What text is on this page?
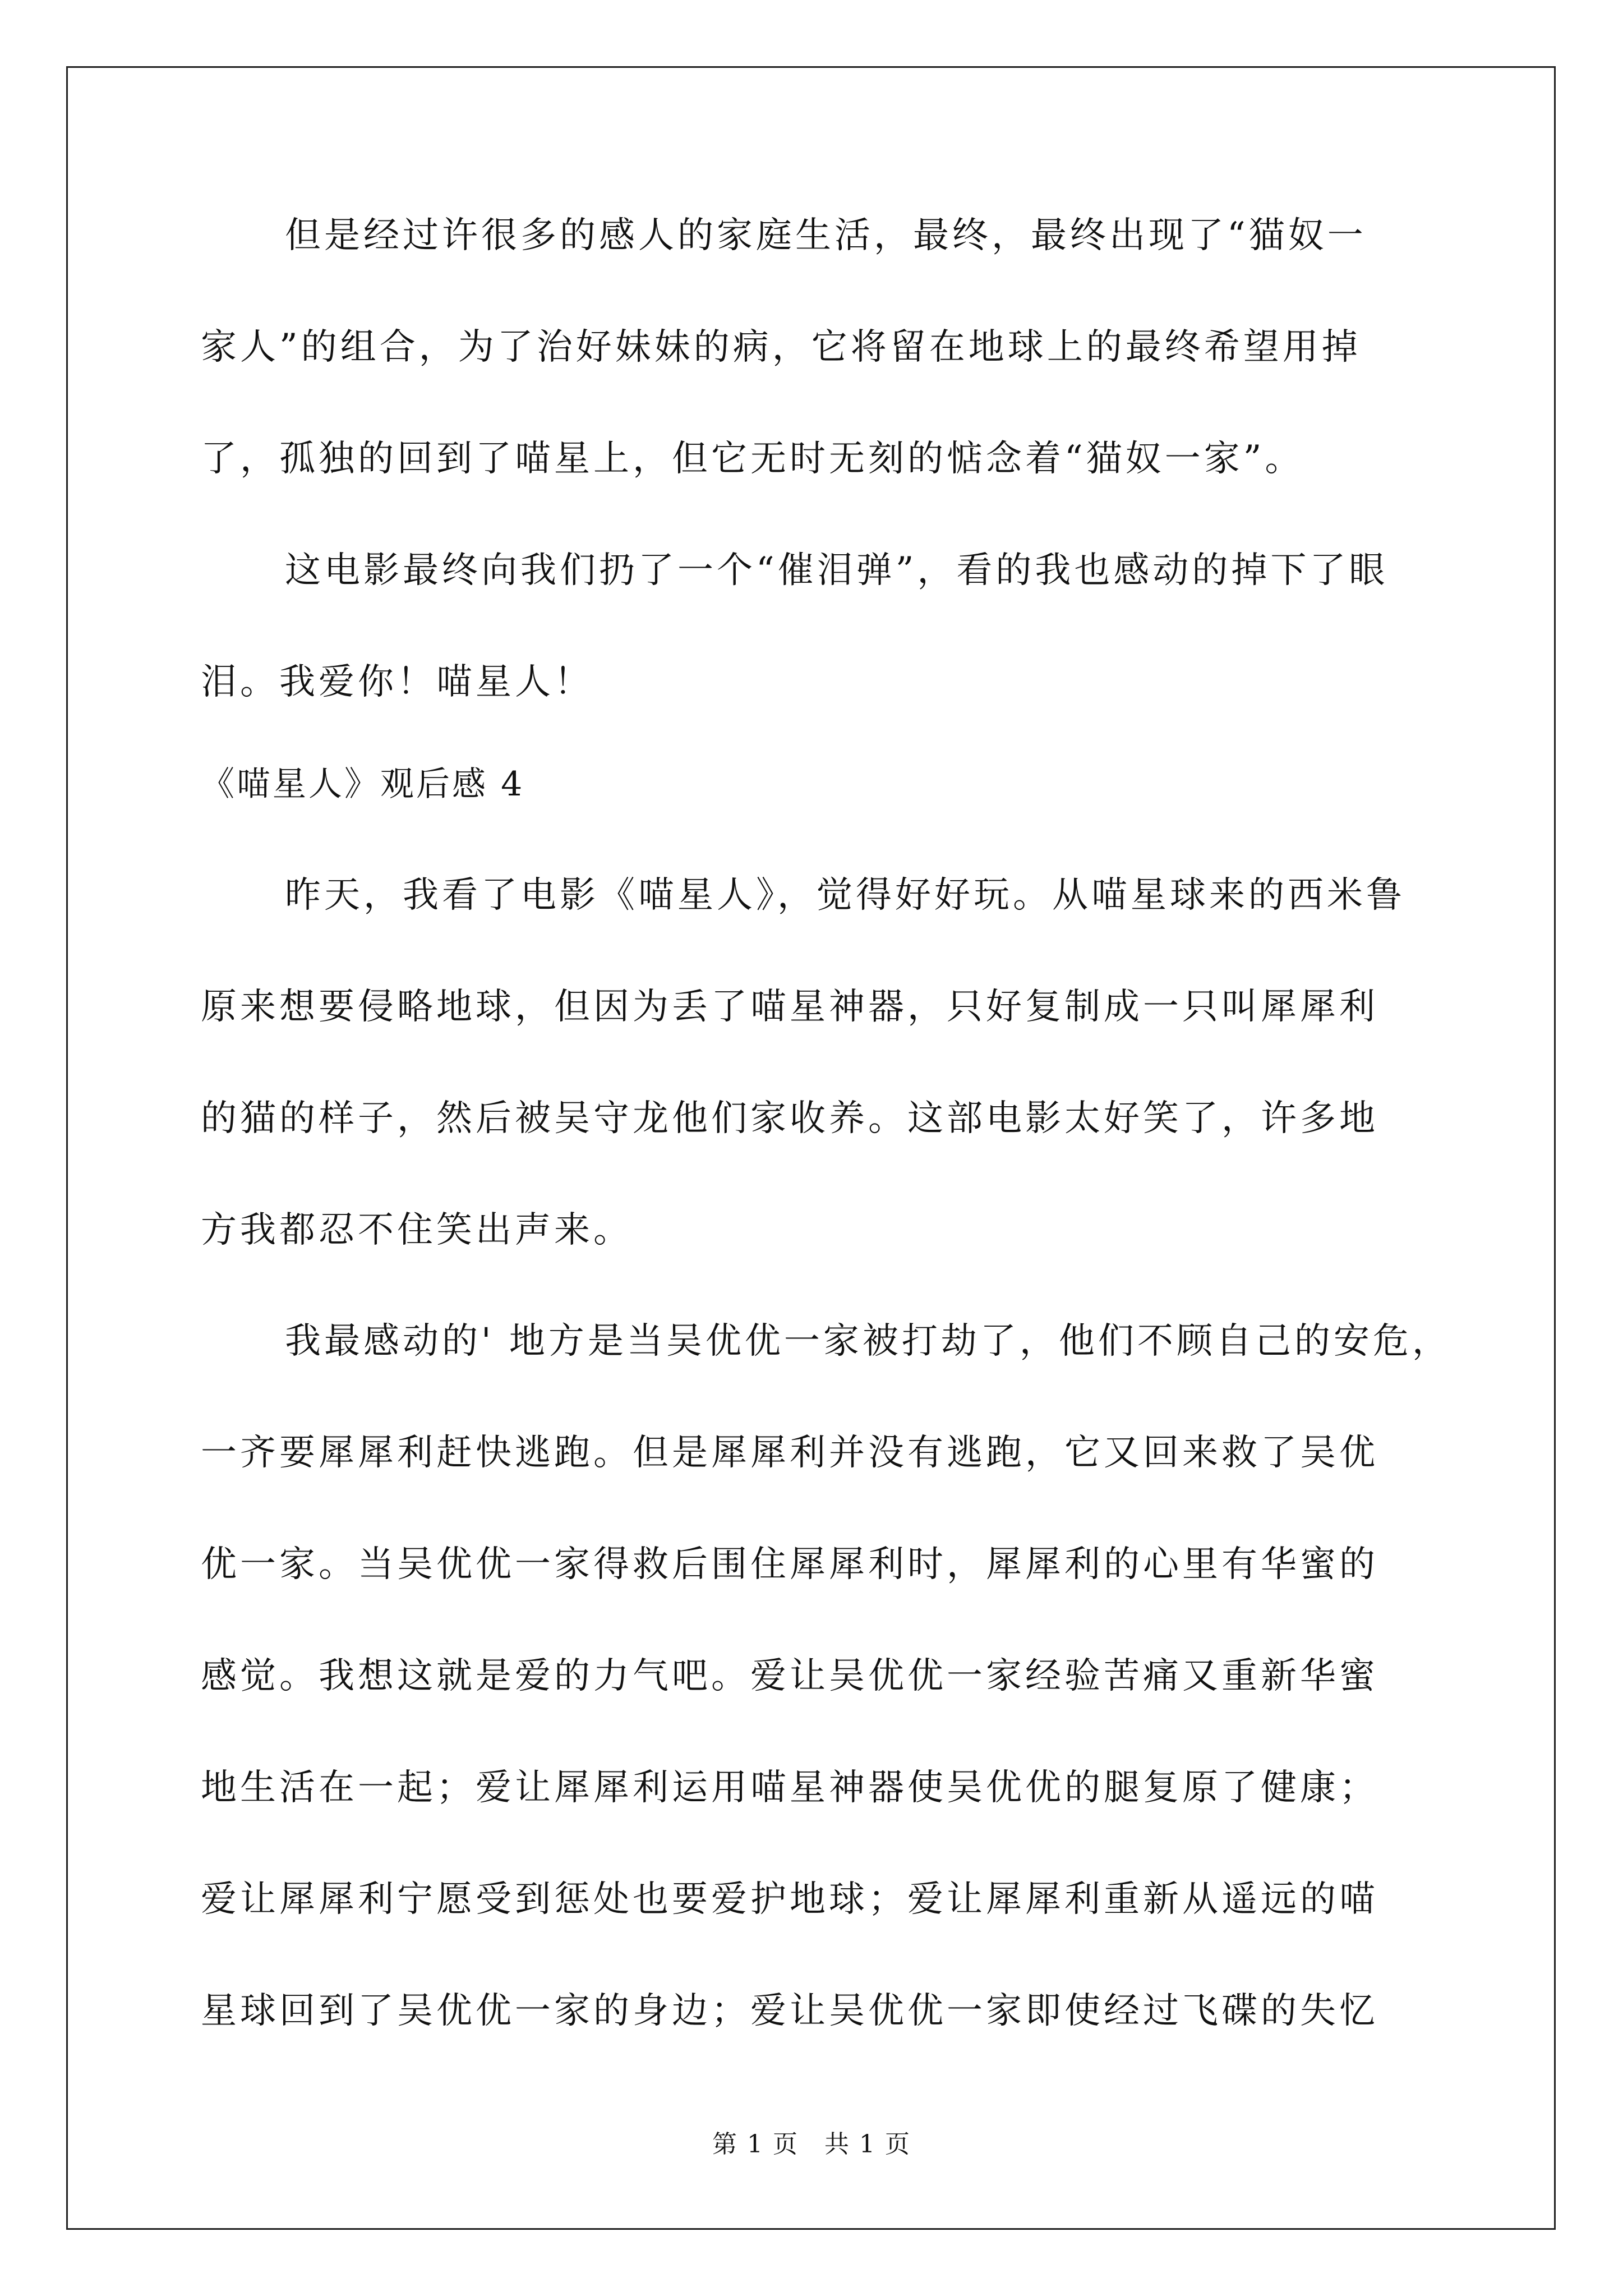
但是经过许很多的感人的家庭生活，最终，最终出现了“猫奴一
家人”的组合，为了治好妹妹的病，它将留在地球上的最终希望用掉
了，孤独的回到了喵星上，但它无时无刻的惦念着“猫奴一家”。
这电影最终向我们扔了一个“催泪弹”，看的我也感动的掉下了眼
泪。我爱你！喵星人！
《喵星人》观后感 4
昨天，我看了电影《喵星人》，觉得好好玩。从喵星球来的西米鲁
原来想要侵略地球，但因为丢了喵星神器，只好复制成一只叫犀犀利
的猫的样子，然后被吴守龙他们家收养。这部电影太好笑了，许多地
方我都忍不住笑出声来。
我最感动的' 地方是当吴优优一家被打劫了，他们不顾自己的安危，
一齐要犀犀利赶快逃跑。但是犀犀利并没有逃跑，它又回来救了吴优
优一家。当吴优优一家得救后围住犀犀利时，犀犀利的心里有华蜜的
感觉。我想这就是爱的力气吧。爱让吴优优一家经验苦痛又重新华蜜
地生活在一起；爱让犀犀利运用喵星神器使吴优优的腿复原了健康；
爱让犀犀利宁愿受到惩处也要爱护地球；爱让犀犀利重新从遥远的喵
星球回到了吴优优一家的身边；爱让吴优优一家即使经过飞碟的失忆
第 1 页 共 1 页
